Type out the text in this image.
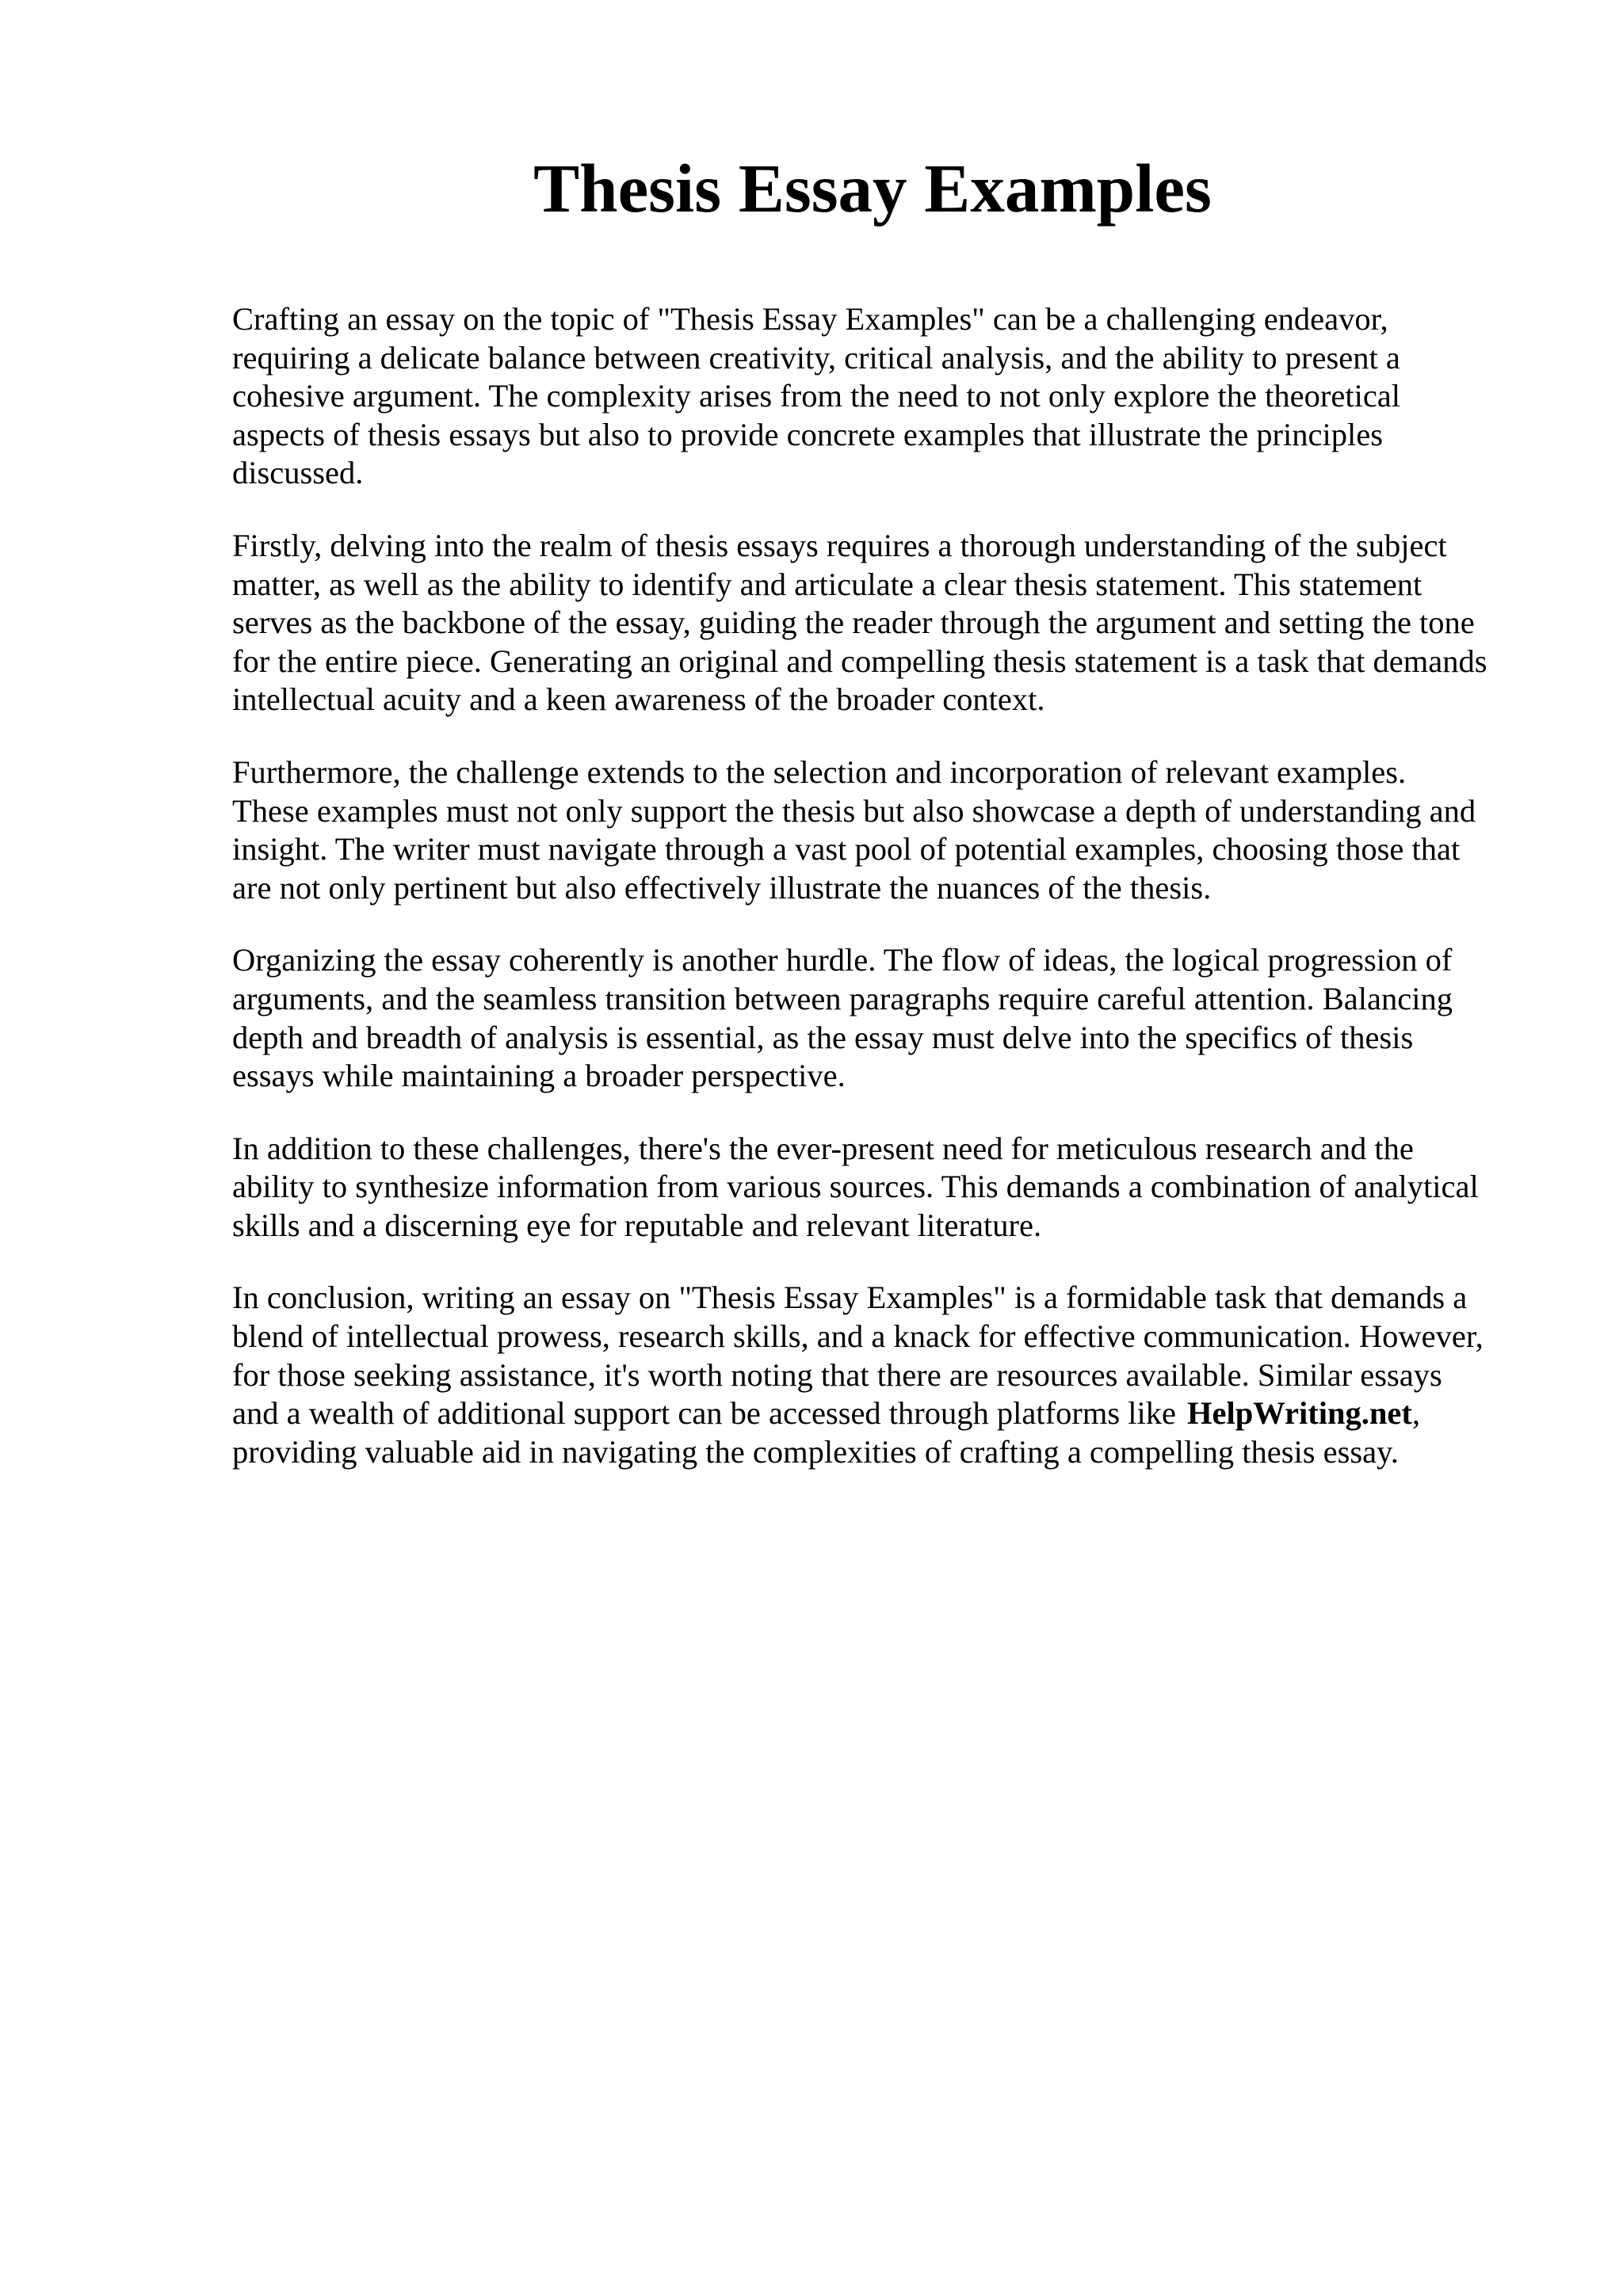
Thesis Essay Examples

Crafting an essay on the topic of "Thesis Essay Examples" can be a challenging endeavor,
requiring a delicate balance between creativity, critical analysis, and the ability to present a
cohesive argument. The complexity arises from the need to not only explore the theoretical
aspects of thesis essays but also to provide concrete examples that illustrate the principles
discussed.

Firstly, delving into the realm of thesis essays requires a thorough understanding of the subject
matter, as well as the ability to identify and articulate a clear thesis statement. This statement
serves as the backbone of the essay, guiding the reader through the argument and setting the tone
for the entire piece. Generating an original and compelling thesis statement is a task that demands
intellectual acuity and a keen awareness of the broader context.

Furthermore, the challenge extends to the selection and incorporation of relevant examples.
These examples must not only support the thesis but also showcase a depth of understanding and
insight. The writer must navigate through a vast pool of potential examples, choosing those that
are not only pertinent but also effectively illustrate the nuances of the thesis.

Organizing the essay coherently is another hurdle. The flow of ideas, the logical progression of
arguments, and the seamless transition between paragraphs require careful attention. Balancing
depth and breadth of analysis is essential, as the essay must delve into the specifics of thesis
essays while maintaining a broader perspective.

In addition to these challenges, there's the ever-present need for meticulous research and the
ability to synthesize information from various sources. This demands a combination of analytical
skills and a discerning eye for reputable and relevant literature.

In conclusion, writing an essay on "Thesis Essay Examples" is a formidable task that demands a
blend of intellectual prowess, research skills, and a knack for effective communication. However,
for those seeking assistance, it's worth noting that there are resources available. Similar essays
and a wealth of additional support can be accessed through platforms like HelpWriting.net,
providing valuable aid in navigating the complexities of crafting a compelling thesis essay.
